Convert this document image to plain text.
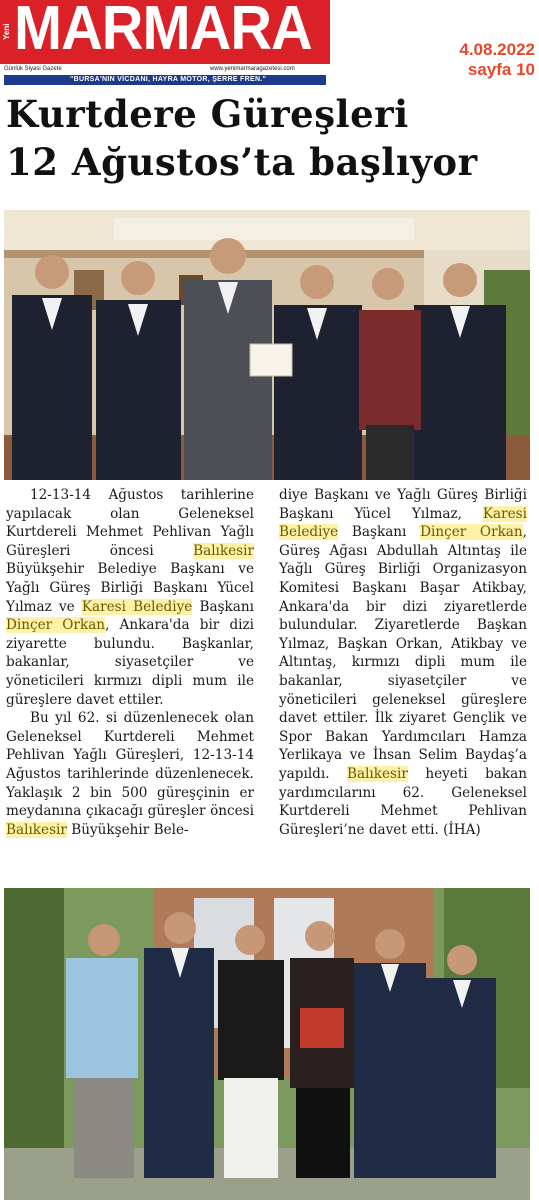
Yeni MARMARA
Günlük Siyasi Gazete	www.yenimarmaragazetesi.com
"BURSA'NIN VİCDANI, HAYRA MOTOR, ŞERRE FREN."
4.08.2022
sayfa 10
Kurtdere Güreşleri
12 Ağustos’ta başlıyor

12-13-14 Ağustos tarihlerine yapılacak olan Geleneksel Kurtdereli Mehmet Pehlivan Yağlı Güreşleri öncesi Balıkesir Büyükşehir Belediye Başkanı ve Yağlı Güreş Birliği Başkanı Yücel Yılmaz ve Karesi Belediye Başkanı Dinçer Orkan, Ankara'da bir dizi ziyarette bulundu. Başkanlar, bakanlar, siyasetçiler ve yöneticileri kırmızı dipli mum ile güreşlere davet ettiler.

Bu yıl 62. si düzenlenecek olan Geleneksel Kurtdereli Mehmet Pehlivan Yağlı Güreşleri, 12-13-14 Ağustos tarihlerinde düzenlenecek. Yaklaşık 2 bin 500 güreşçinin er meydanına çıkacağı güreşler öncesi Balıkesir Büyükşehir Bele-

diye Başkanı ve Yağlı Güreş Birliği Başkanı Yücel Yılmaz, Karesi Belediye Başkanı Dinçer Orkan, Güreş Ağası Abdullah Altıntaş ile Yağlı Güreş Birliği Organizasyon Komitesi Başkanı Başar Atikbay, Ankara'da bir dizi ziyaretlerde bulundular. Ziyaretlerde Başkan Yılmaz, Başkan Orkan, Atikbay ve Altıntaş, kırmızı dipli mum ile bakanlar, siyasetçiler ve yöneticileri geleneksel güreşlere davet ettiler. İlk ziyaret Gençlik ve Spor Bakan Yardımcıları Hamza Yerlikaya ve İhsan Selim Baydaş’a yapıldı. Balıkesir heyeti bakan yardımcılarını 62. Geleneksel Kurtdereli Mehmet Pehlivan Güreşleri’ne davet etti. (İHA)
